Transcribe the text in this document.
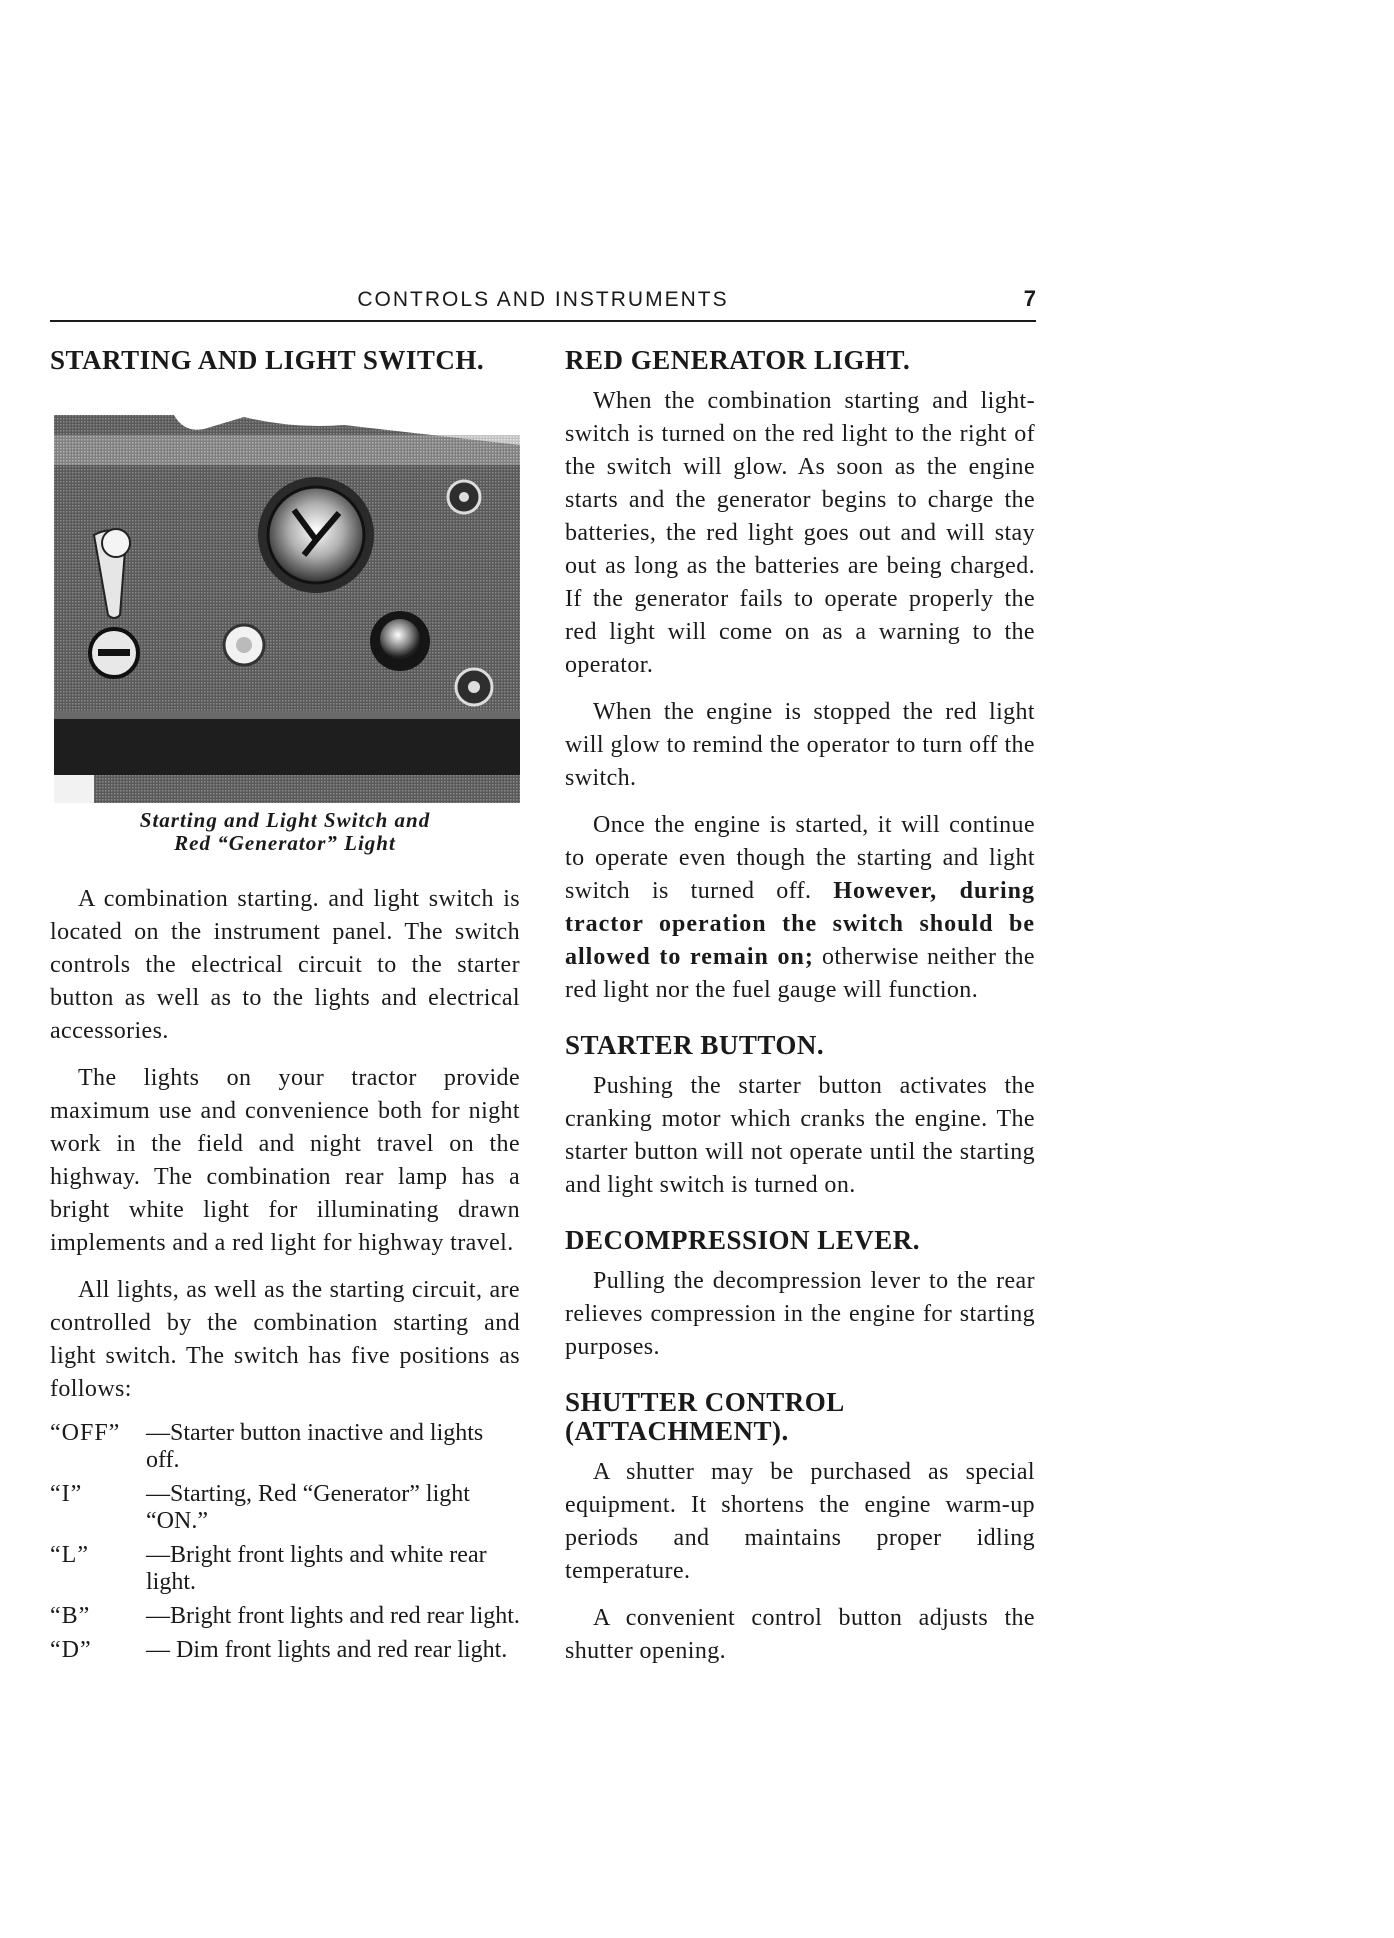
CONTROLS AND INSTRUMENTS	7
STARTING AND LIGHT SWITCH.
Starting and Light Switch and
Red “Generator” Light

A combination starting. and light switch is located on the instrument panel. The switch controls the electrical circuit to the starter button as well as to the lights and electrical accessories.

The lights on your tractor provide maximum use and convenience both for night work in the field and night travel on the highway. The combination rear lamp has a bright white light for illuminating drawn implements and a red light for highway travel.

All lights, as well as the starting circuit, are controlled by the combination starting and light switch. The switch has five positions as follows:

“OFF”	—Starter button inactive and lights off.
“I”	—Starting, Red “Generator” light “ON.”
“L”	—Bright front lights and white rear light.
“B”	—Bright front lights and red rear light.
“D”	— Dim front lights and red rear light.
RED GENERATOR LIGHT.

When the combination starting and light-switch is turned on the red light to the right of the switch will glow. As soon as the engine starts and the generator begins to charge the batteries, the red light goes out and will stay out as long as the batteries are being charged. If the generator fails to operate properly the red light will come on as a warning to the operator.

When the engine is stopped the red light will glow to remind the operator to turn off the switch.

Once the engine is started, it will continue to operate even though the starting and light switch is turned off. However, during tractor operation the switch should be allowed to remain on; otherwise neither the red light nor the fuel gauge will function.

STARTER BUTTON.

Pushing the starter button activates the cranking motor which cranks the engine. The starter button will not operate until the starting and light switch is turned on.

DECOMPRESSION LEVER.

Pulling the decompression lever to the rear relieves compression in the engine for starting purposes.

SHUTTER CONTROL (ATTACHMENT).

A shutter may be purchased as special equipment. It shortens the engine warm-up periods and maintains proper idling temperature.

A convenient control button adjusts the shutter opening.
